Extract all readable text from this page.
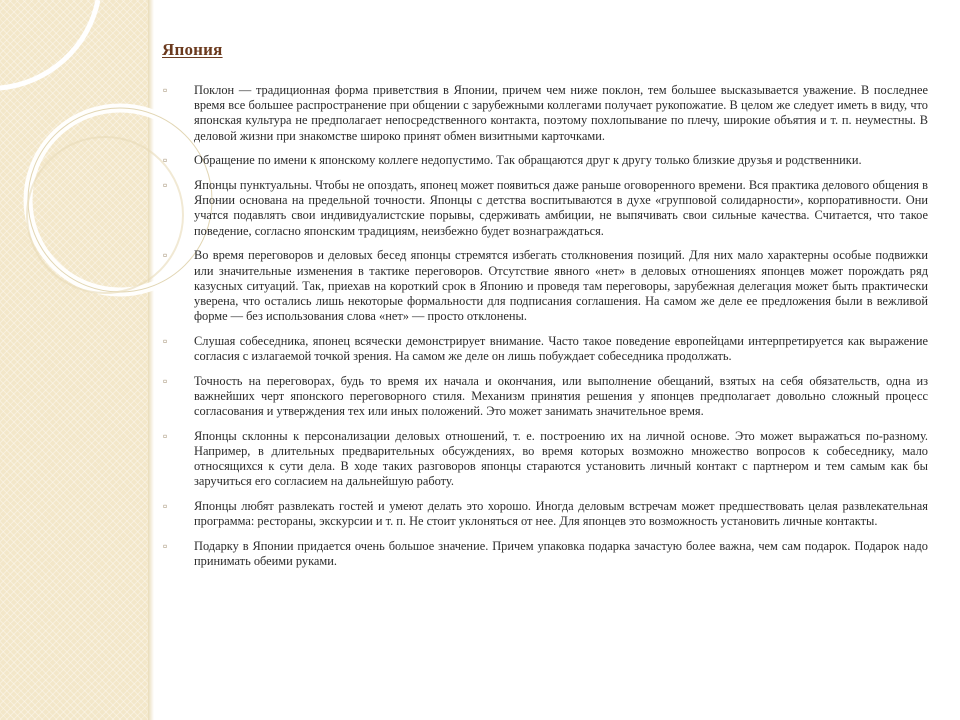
Япония
▫ Поклон — традиционная форма приветствия в Японии, причем чем ниже поклон, тем большее высказывается уважение. В последнее время все большее распространение при общении с зарубежными коллегами получает рукопожатие. В целом же следует иметь в виду, что японская культура не предполагает непосредственного контакта, поэтому похлопывание по плечу, широкие объятия и т. п. неуместны. В деловой жизни при знакомстве широко принят обмен визитными карточками.
▫ Обращение по имени к японскому коллеге недопустимо. Так обращаются друг к другу только близкие друзья и родственники.
▫ Японцы пунктуальны. Чтобы не опоздать, японец может появиться даже раньше оговоренного времени. Вся практика делового общения в Японии основана на предельной точности. Японцы с детства воспитываются в духе «групповой солидарности», корпоративности. Они учатся подавлять свои индивидуалистские порывы, сдерживать амбиции, не выпячивать свои сильные качества. Считается, что такое поведение, согласно японским традициям, неизбежно будет вознаграждаться.
▫ Во время переговоров и деловых бесед японцы стремятся избегать столкновения позиций. Для них мало характерны особые подвижки или значительные изменения в тактике переговоров. Отсутствие явного «нет» в деловых отношениях японцев может порождать ряд казусных ситуаций. Так, приехав на короткий срок в Японию и проведя там переговоры, зарубежная делегация может быть практически уверена, что остались лишь некоторые формальности для подписания соглашения. На самом же деле ее предложения были в вежливой форме — без использования слова «нет» — просто отклонены.
▫ Слушая собеседника, японец всячески демонстрирует внимание. Часто такое поведение европейцами интерпретируется как выражение согласия с излагаемой точкой зрения. На самом же деле он лишь побуждает собеседника продолжать.
▫ Точность на переговорах, будь то время их начала и окончания, или выполнение обещаний, взятых на себя обязательств, одна из важнейших черт японского переговорного стиля. Механизм принятия решения у японцев предполагает довольно сложный процесс согласования и утверждения тех или иных положений. Это может занимать значительное время.
▫ Японцы склонны к персонализации деловых отношений, т. е. построению их на личной основе. Это может выражаться по-разному. Например, в длительных предварительных обсуждениях, во время которых возможно множество вопросов к собеседнику, мало относящихся к сути дела. В ходе таких разговоров японцы стараются установить личный контакт с партнером и тем самым как бы заручиться его согласием на дальнейшую работу.
▫ Японцы любят развлекать гостей и умеют делать это хорошо. Иногда деловым встречам может предшествовать целая развлекательная программа: рестораны, экскурсии и т. п. Не стоит уклоняться от нее. Для японцев это возможность установить личные контакты.
▫ Подарку в Японии придается очень большое значение. Причем упаковка подарка зачастую более важна, чем сам подарок. Подарок надо принимать обеими руками.
